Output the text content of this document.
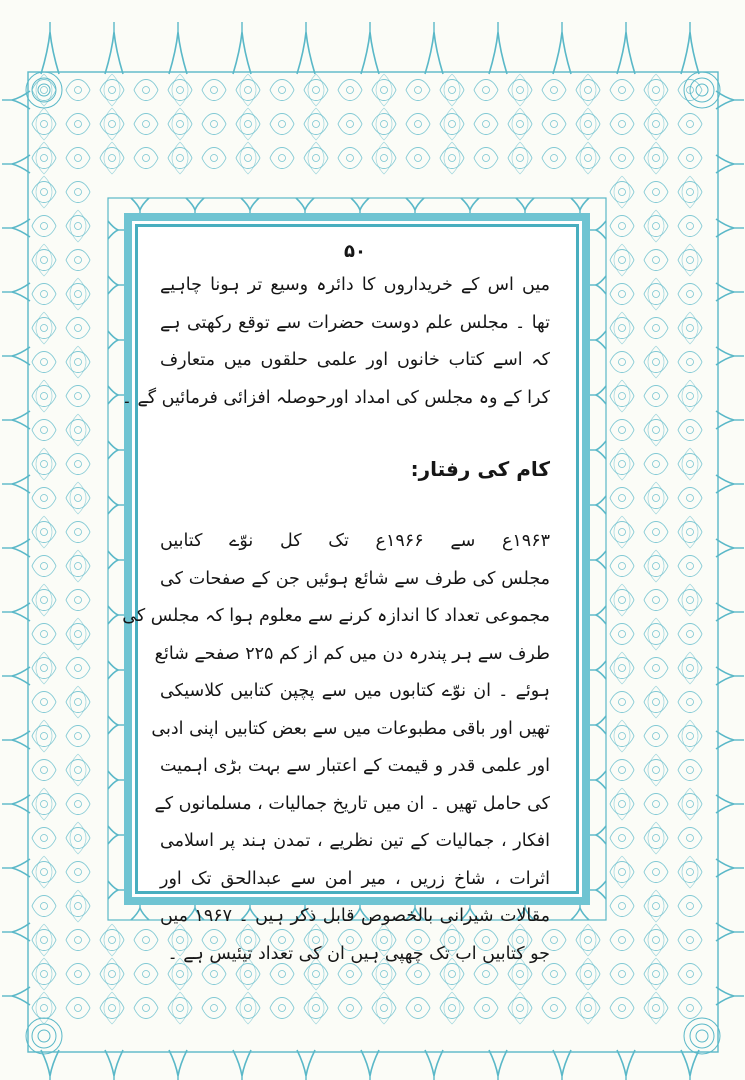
۵۰
میں اس کے خریداروں کا دائرہ وسیع تر ہونا چاہیے
تھا ۔ مجلس علم دوست حضرات سے توقع رکھتی ہے
کہ اسے کتاب خانوں اور علمی حلقوں میں متعارف
کرا کے وہ مجلس کی امداد اورحوصلہ افزائی فرمائیں گے ۔
کام کی رفتار:
۱۹۶۳ع سے ۱۹۶۶ع تک کل نوّے کتابیں
مجلس کی طرف سے شائع ہوئیں جن کے صفحات کی
مجموعی تعداد کا اندازہ کرنے سے معلوم ہوا کہ مجلس کی
طرف سے ہر پندرہ دن میں کم از کم ۲۲۵ صفحے شائع
ہوئے ۔ ان نوّے کتابوں میں سے پچپن کتابیں کلاسیکی
تھیں اور باقی مطبوعات میں سے بعض کتابیں اپنی ادبی
اور علمی قدر و قیمت کے اعتبار سے بہت بڑی اہمیت
کی حامل تھیں ۔ ان میں تاریخ جمالیات ، مسلمانوں کے
افکار ، جمالیات کے تین نظریے ، تمدن ہند پر اسلامی
اثرات ، شاخ زریں ، میر امن سے عبدالحق تک اور
مقالات شیرانی بالخصوص قابل ذکر ہیں ۔ ۱۹۶۷ میں
جو کتابیں اب تک چھپی ہیں ان کی تعداد تیئیس ہے ۔
